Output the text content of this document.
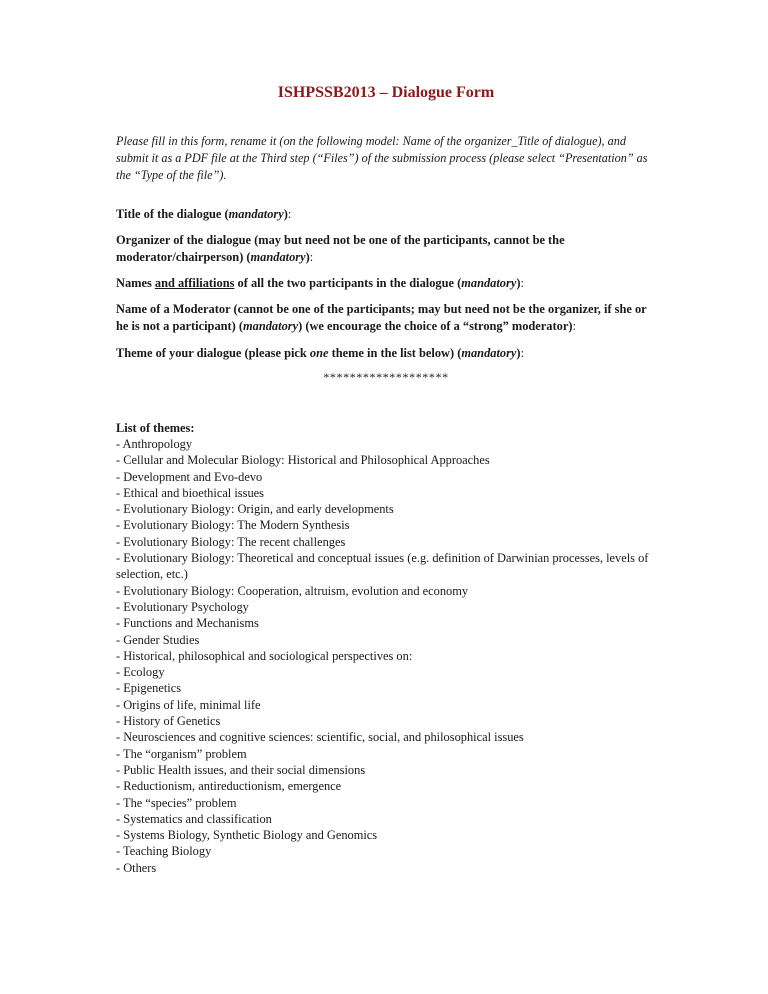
ISHPSSB2013 – Dialogue Form
Please fill in this form, rename it (on the following model: Name of the organizer_Title of dialogue), and submit it as a PDF file at the Third step (“Files”) of the submission process (please select “Presentation” as the “Type of the file”).
Title of the dialogue (mandatory):
Organizer of the dialogue (may but need not be one of the participants, cannot be the moderator/chairperson) (mandatory):
Names and affiliations of all the two participants in the dialogue (mandatory):
Name of a Moderator (cannot be one of the participants; may but need not be the organizer, if she or he is not a participant) (mandatory) (we encourage the choice of a “strong” moderator):
Theme of your dialogue (please pick one theme in the list below) (mandatory):
*******************
List of themes:
- Anthropology
- Cellular and Molecular Biology: Historical and Philosophical Approaches
- Development and Evo-devo
- Ethical and bioethical issues
- Evolutionary Biology: Origin, and early developments
- Evolutionary Biology: The Modern Synthesis
- Evolutionary Biology: The recent challenges
- Evolutionary Biology: Theoretical and conceptual issues (e.g. definition of Darwinian processes, levels of selection, etc.)
- Evolutionary Biology: Cooperation, altruism, evolution and economy
- Evolutionary Psychology
- Functions and Mechanisms
- Gender Studies
- Historical, philosophical and sociological perspectives on:
- Ecology
- Epigenetics
- Origins of life, minimal life
- History of Genetics
- Neurosciences and cognitive sciences: scientific, social, and philosophical issues
- The “organism” problem
- Public Health issues, and their social dimensions
- Reductionism, antireductionism, emergence
- The “species” problem
- Systematics and classification
- Systems Biology, Synthetic Biology and Genomics
- Teaching Biology
- Others
